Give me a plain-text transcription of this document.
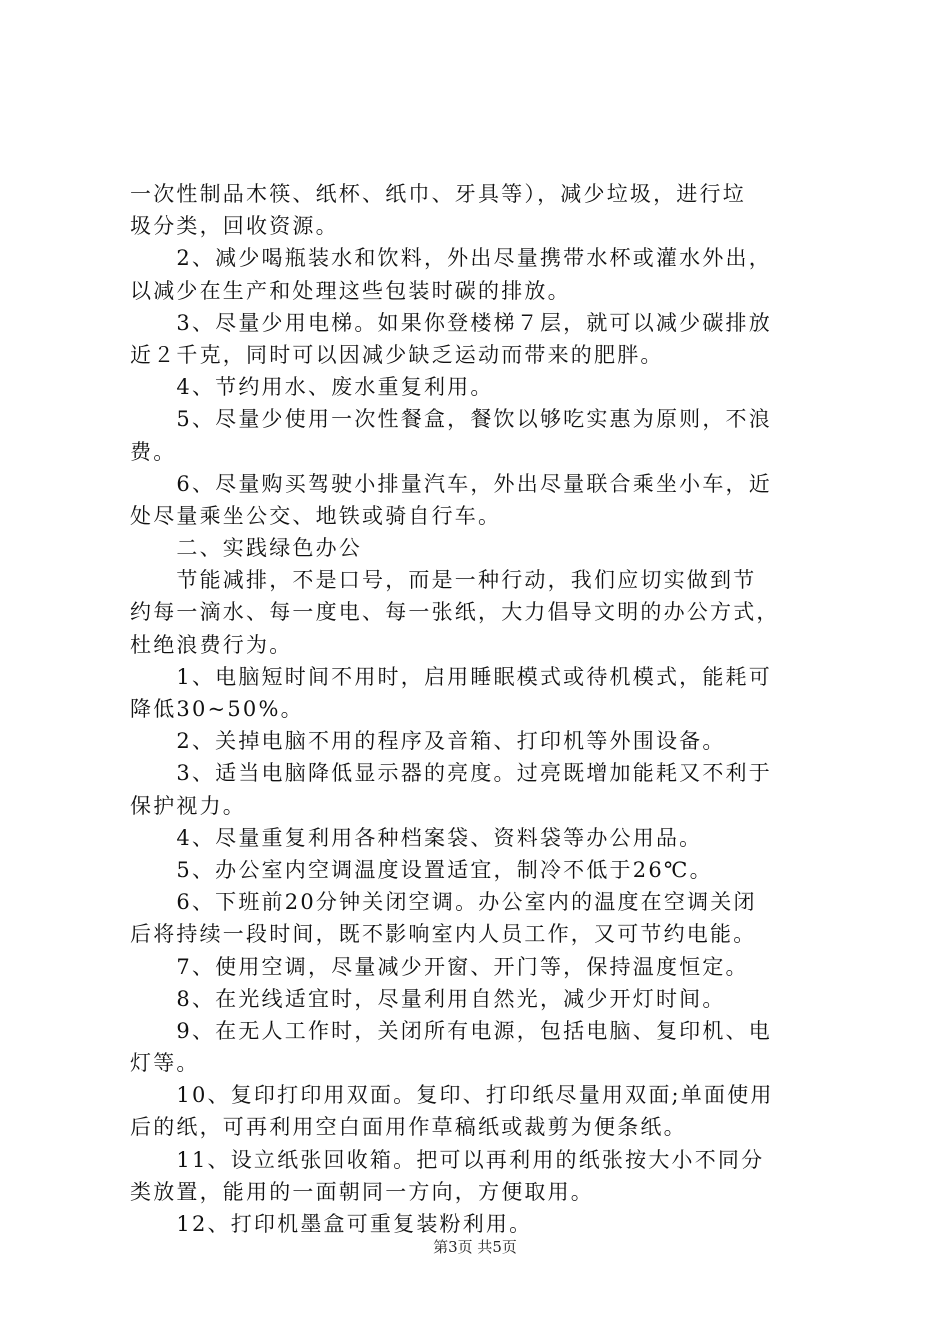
一次性制品木筷、纸杯、纸巾、牙具等），减少垃圾，进行垃
圾分类，回收资源。
　　2、减少喝瓶装水和饮料，外出尽量携带水杯或灌水外出，
以减少在生产和处理这些包装时碳的排放。
　　3、尽量少用电梯。如果你登楼梯７层，就可以减少碳排放
近２千克，同时可以因减少缺乏运动而带来的肥胖。
　　4、节约用水、废水重复利用。
　　5、尽量少使用一次性餐盒，餐饮以够吃实惠为原则，不浪
费。
　　6、尽量购买驾驶小排量汽车，外出尽量联合乘坐小车，近
处尽量乘坐公交、地铁或骑自行车。
　　二、实践绿色办公
　　节能减排，不是口号，而是一种行动，我们应切实做到节
约每一滴水、每一度电、每一张纸，大力倡导文明的办公方式，
杜绝浪费行为。
　　1、电脑短时间不用时，启用睡眠模式或待机模式，能耗可
降低30~50%。
　　2、关掉电脑不用的程序及音箱、打印机等外围设备。
　　3、适当电脑降低显示器的亮度。过亮既增加能耗又不利于
保护视力。
　　4、尽量重复利用各种档案袋、资料袋等办公用品。
　　5、办公室内空调温度设置适宜，制冷不低于26℃。
　　6、下班前20分钟关闭空调。办公室内的温度在空调关闭
后将持续一段时间，既不影响室内人员工作，又可节约电能。
　　7、使用空调，尽量减少开窗、开门等，保持温度恒定。
　　8、在光线适宜时，尽量利用自然光，减少开灯时间。
　　9、在无人工作时，关闭所有电源，包括电脑、复印机、电
灯等。
　　10、复印打印用双面。复印、打印纸尽量用双面;单面使用
后的纸，可再利用空白面用作草稿纸或裁剪为便条纸。
　　11、设立纸张回收箱。把可以再利用的纸张按大小不同分
类放置，能用的一面朝同一方向，方便取用。
　　12、打印机墨盒可重复装粉利用。
第3页 共5页
